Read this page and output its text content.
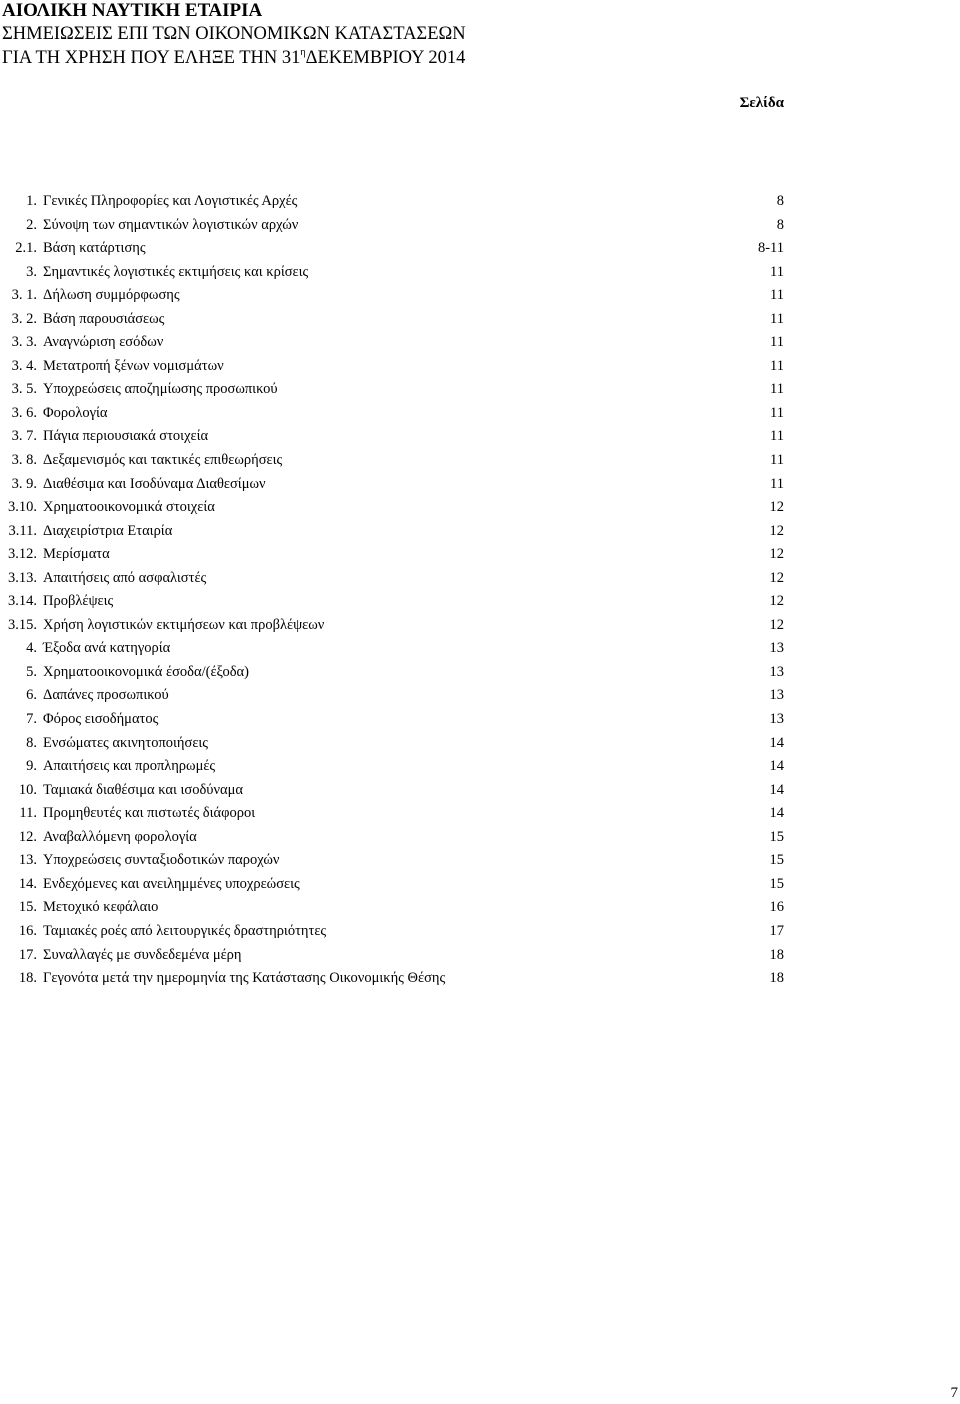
ΑΙΟΛΙΚΗ ΝΑΥΤΙΚΗ ΕΤΑΙΡΙΑ
ΣΗΜΕΙΩΣΕΙΣ ΕΠΙ ΤΩΝ ΟΙΚΟΝΟΜΙΚΩΝ ΚΑΤΑΣΤΑΣΕΩΝ
ΓΙΑ ΤΗ ΧΡΗΣΗ ΠΟΥ ΕΛΗΞΕ ΤΗΝ $31^\eta\Delta EKEMBPIO\Upsilon$ 2014
Σελίδα
1. Γενικές Πληροφορίες και Λογιστικές Αρχές	8
2. Σύνοψη των σημαντικών λογιστικών αρχών	8
2.1. Βάση κατάρτισης	8-11
3. Σημαντικές λογιστικές εκτιμήσεις και κρίσεις	11
3. 1. Δήλωση συμμόρφωσης	11
3. 2. Βάση παρουσιάσεως	11
3. 3. Αναγνώριση εσόδων	11
3. 4. Μετατροπή ξένων νομισμάτων	11
3. 5. Υποχρεώσεις αποζημίωσης προσωπικού	11
3. 6. Φορολογία	11
3. 7. Πάγια περιουσιακά στοιχεία	11
3. 8. Δεξαμενισμός και τακτικές επιθεωρήσεις	11
3. 9. Διαθέσιμα και Ισοδύναμα Διαθεσίμων	11
3.10. Χρηματοοικονομικά στοιχεία	12
3.11. Διαχειρίστρια Εταιρία	12
3.12. Μερίσματα	12
3.13. Απαιτήσεις από ασφαλιστές	12
3.14. Προβλέψεις	12
3.15. Χρήση λογιστικών εκτιμήσεων και προβλέψεων	12
4. Έξοδα ανά κατηγορία	13
5. Χρηματοοικονομικά έσοδα/(έξοδα)	13
6. Δαπάνες προσωπικού	13
7. Φόρος εισοδήματος	13
8. Ενσώματες ακινητοποιήσεις	14
9. Απαιτήσεις και προπληρωμές	14
10. Ταμιακά διαθέσιμα και ισοδύναμα	14
11. Προμηθευτές και πιστωτές διάφοροι	14
12. Αναβαλλόμενη φορολογία	15
13. Υποχρεώσεις συνταξιοδοτικών παροχών	15
14. Ενδεχόμενες και ανειλημμένες υποχρεώσεις	15
15. Μετοχικό κεφάλαιο	16
16. Ταμιακές ροές από λειτουργικές δραστηριότητες	17
17. Συναλλαγές με συνδεδεμένα μέρη	18
18. Γεγονότα μετά την ημερομηνία της Κατάστασης Οικονομικής Θέσης	18
7
